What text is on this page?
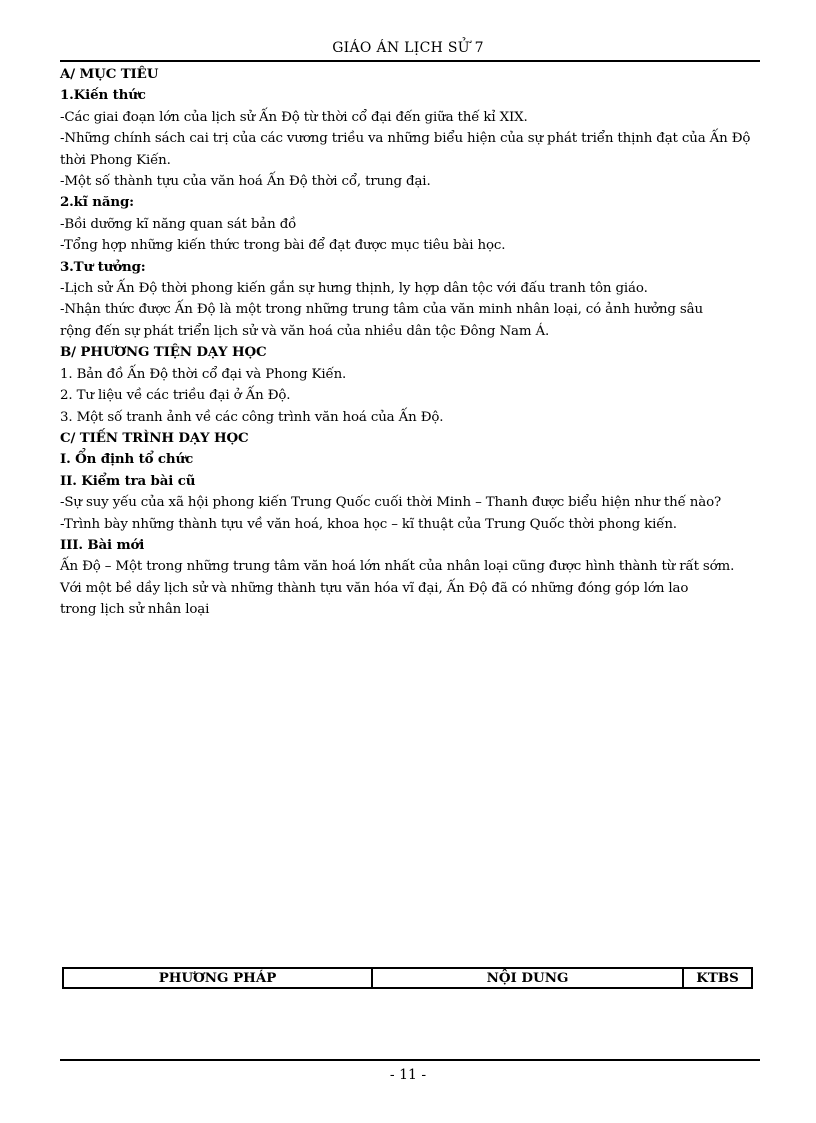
GIÁO ÁN LỊCH SỬ 7
A/ MỤC TIÊU
1.Kiến thức
-Các giai đoạn lớn của lịch sử Ấn Độ từ thời cổ đại đến giữa thế kỉ XIX.
-Những chính sách cai trị của các vương triều va những biểu hiện của sự phát triển thịnh đạt của Ấn Độ thời Phong Kiến.
-Một số thành tựu của văn hoá Ấn Độ thời cổ, trung đại.
2.kĩ năng:
-Bồi dưỡng kĩ năng quan sát bản đồ
-Tổng hợp những kiến thức trong bài để đạt được mục tiêu bài học.
3.Tư tưởng:
-Lịch sử Ấn Độ thời phong kiến gắn sự hưng thịnh, ly hợp dân tộc với đấu tranh tôn giáo.
-Nhận thức được Ấn Độ là một trong những trung tâm của văn minh nhân loại, có ảnh hưởng sâu
rộng đến sự phát triển lịch sử và văn hoá của nhiều dân tộc Đông Nam Á.
B/ PHƯƠNG TIỆN DẠY HỌC
1. Bản đồ Ấn Độ thời cổ đại và Phong Kiến.
2. Tư liệu về các triều đại ở Ấn Độ.
3. Một số tranh ảnh về các công trình văn hoá của Ấn Độ.
C/ TIẾN TRÌNH DẠY HỌC
I. Ổn định tổ chức
II. Kiểm tra bài cũ
-Sự suy yếu của xã hội phong kiến Trung Quốc cuối thời Minh – Thanh được biểu hiện như thế nào?
-Trình bày những thành tựu về văn hoá, khoa học – kĩ thuật của Trung Quốc thời phong kiến.
III. Bài mới
Ấn Độ – Một trong những trung tâm văn hoá lớn nhất của nhân loại cũng được hình thành từ rất sớm.
Với một bề dầy lịch sử và những thành tựu văn hóa vĩ đại, Ấn Độ đã có những đóng góp lớn lao
trong lịch sử nhân loại
PHƯƠNG PHÁP	NỘI DUNG	KTBS
- 11 -
